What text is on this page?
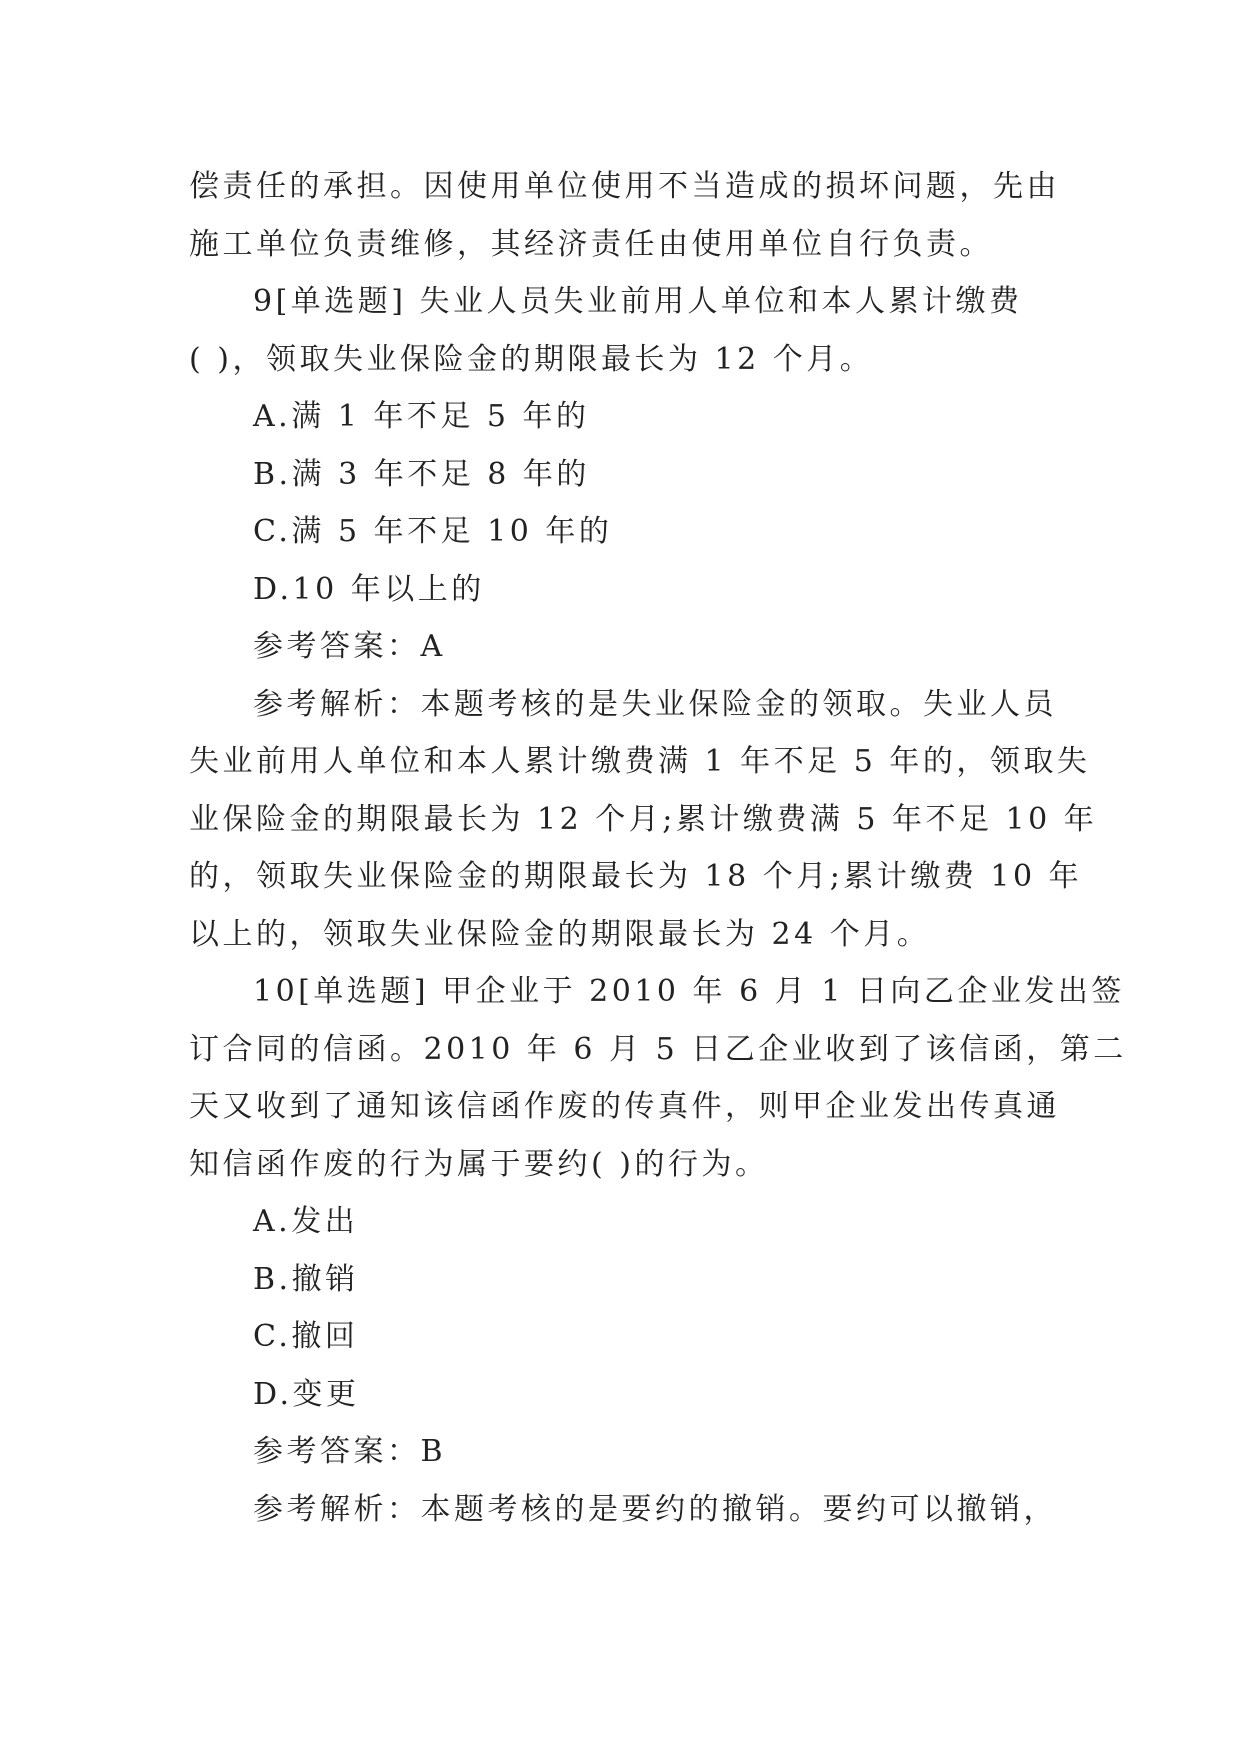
偿责任的承担。因使用单位使用不当造成的损坏问题，先由
施工单位负责维修，其经济责任由使用单位自行负责。
9[单选题] 失业人员失业前用人单位和本人累计缴费
( )，领取失业保险金的期限最长为 12 个月。
A.满 1 年不足 5 年的
B.满 3 年不足 8 年的
C.满 5 年不足 10 年的
D.10 年以上的
参考答案：A
参考解析：本题考核的是失业保险金的领取。失业人员
失业前用人单位和本人累计缴费满 1 年不足 5 年的，领取失
业保险金的期限最长为 12 个月;累计缴费满 5 年不足 10 年
的，领取失业保险金的期限最长为 18 个月;累计缴费 10 年
以上的，领取失业保险金的期限最长为 24 个月。
10[单选题] 甲企业于 2010 年 6 月 1 日向乙企业发出签
订合同的信函。2010 年 6 月 5 日乙企业收到了该信函，第二
天又收到了通知该信函作废的传真件，则甲企业发出传真通
知信函作废的行为属于要约( )的行为。
A.发出
B.撤销
C.撤回
D.变更
参考答案：B
参考解析：本题考核的是要约的撤销。要约可以撤销，
